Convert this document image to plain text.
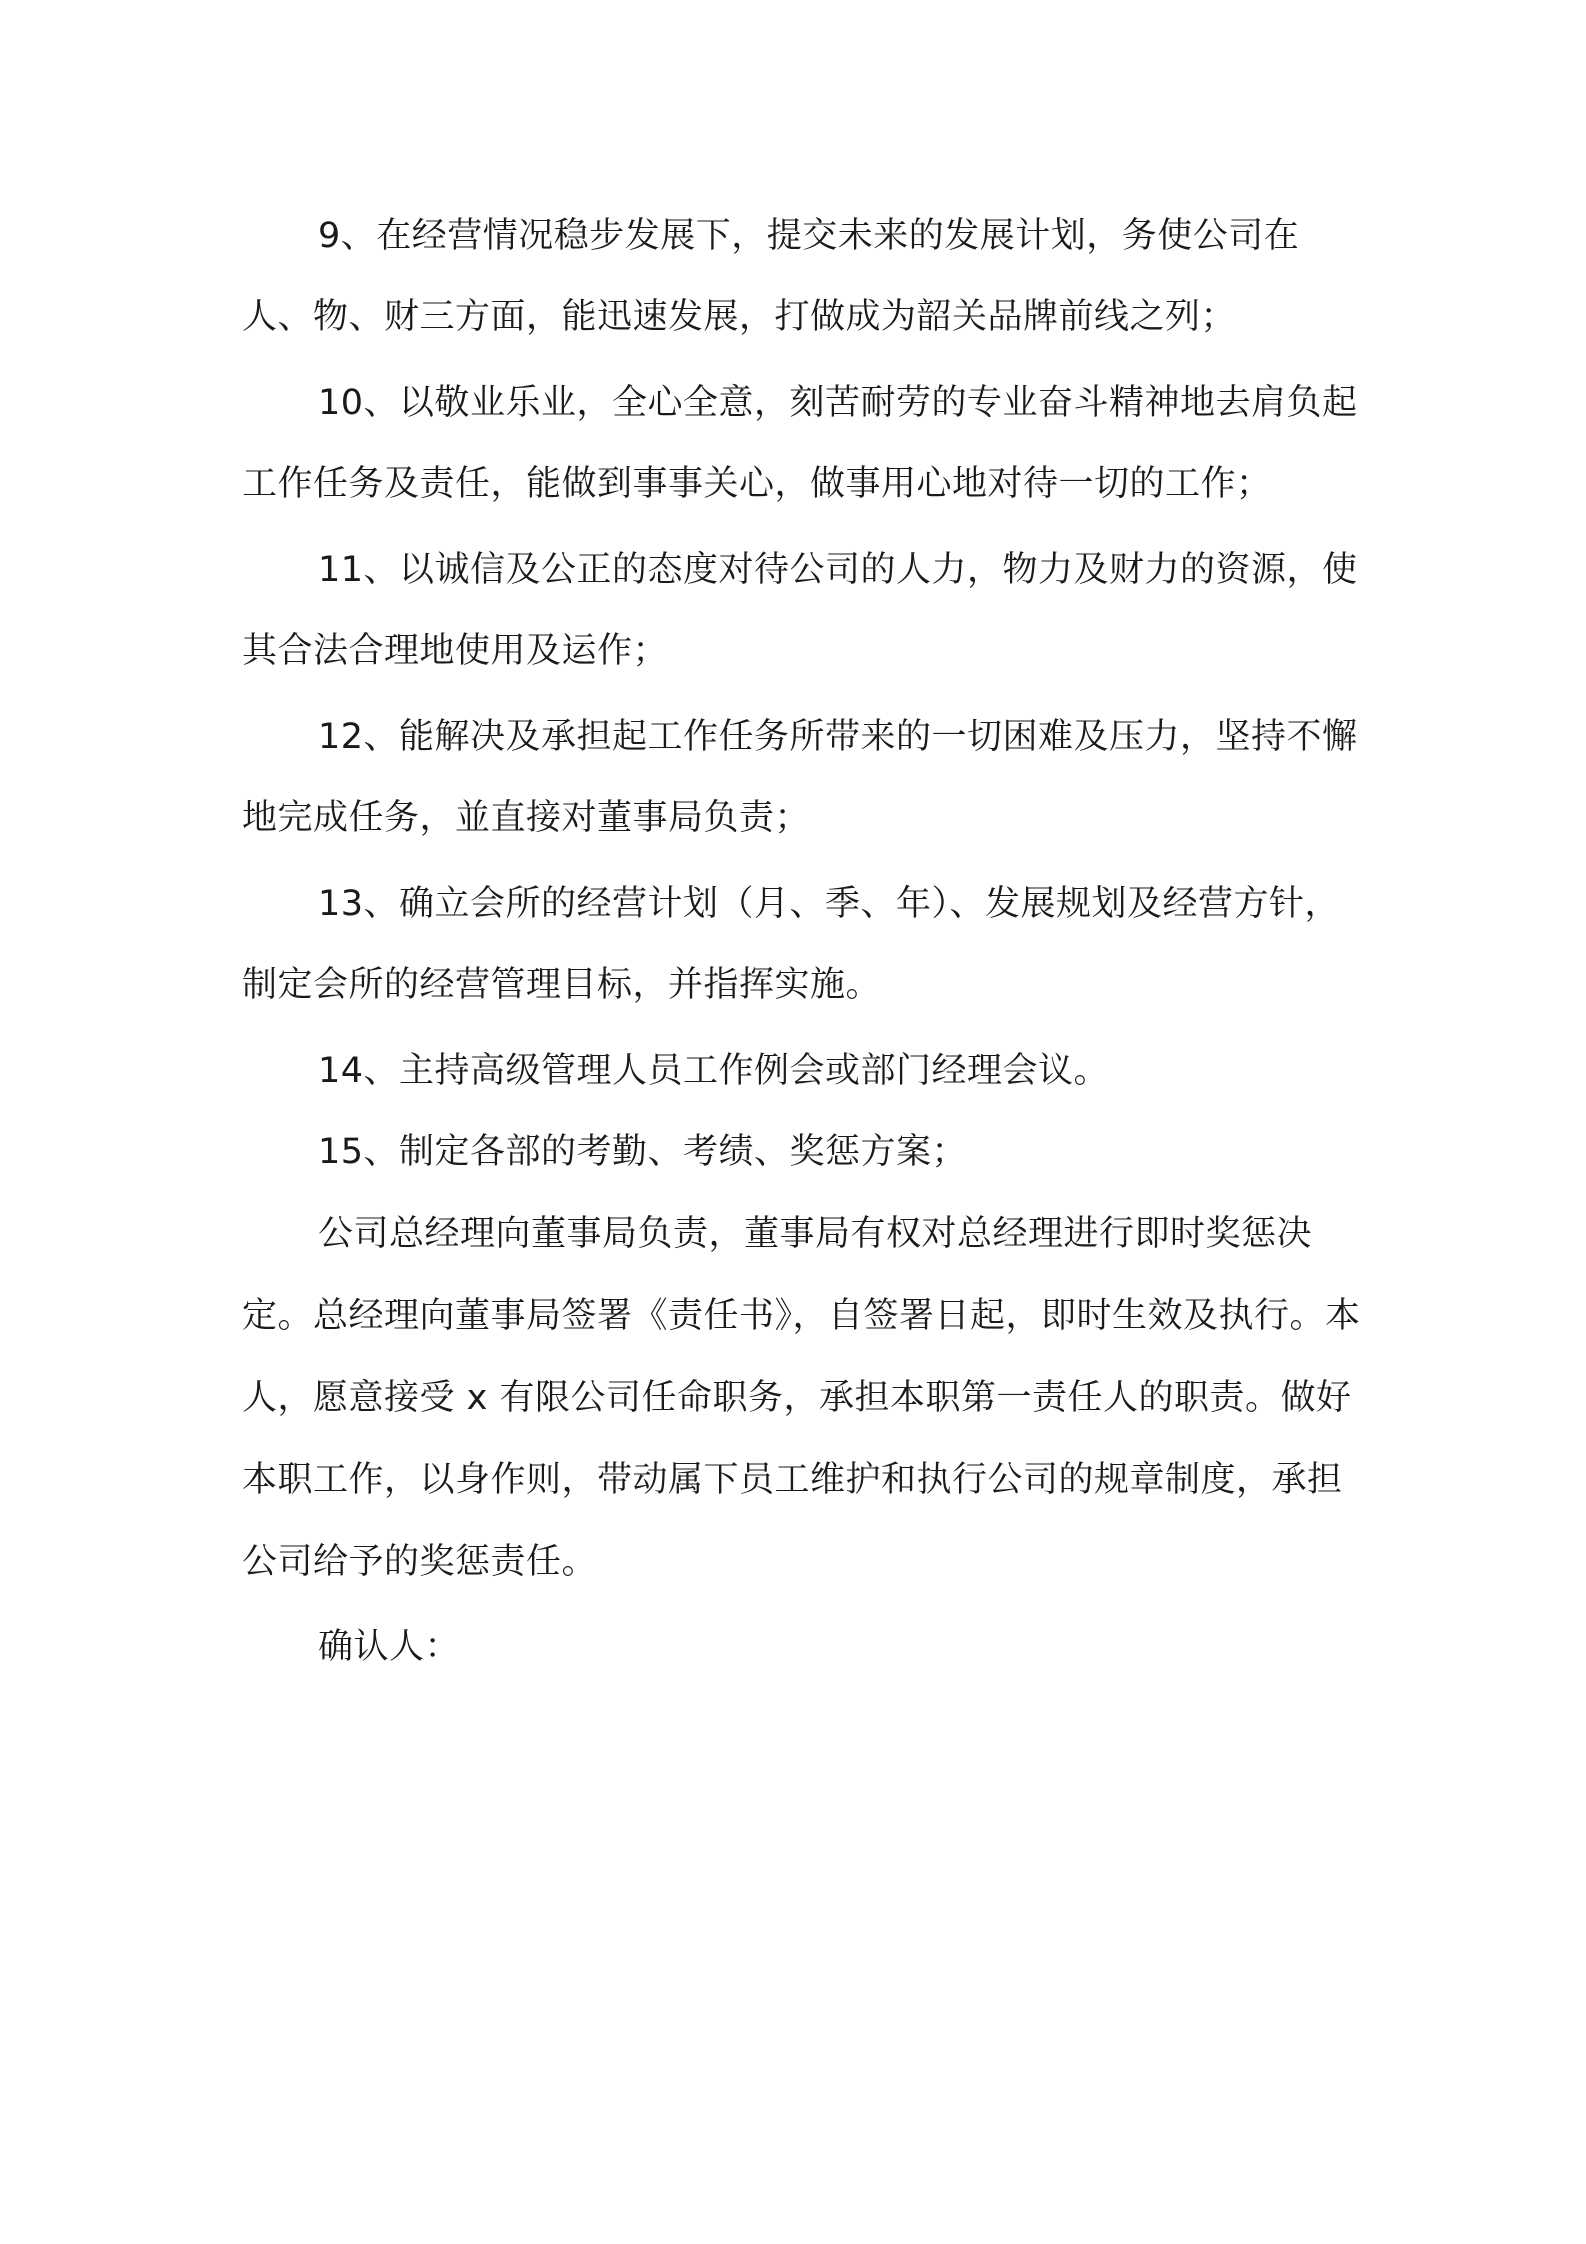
9、在经营情况稳步发展下，提交未来的发展计划，务使公司在人、物、财三方面，能迅速发展，打做成为韶关品牌前线之列；

10、以敬业乐业，全心全意，刻苦耐劳的专业奋斗精神地去肩负起工作任务及责任，能做到事事关心，做事用心地对待一切的工作；

11、以诚信及公正的态度对待公司的人力，物力及财力的资源，使其合法合理地使用及运作；

12、能解决及承担起工作任务所带来的一切困难及压力，坚持不懈地完成任务，並直接对董事局负责；

13、确立会所的经营计划（月、季、年）、发展规划及经营方针，制定会所的经营管理目标，并指挥实施。

14、主持高级管理人员工作例会或部门经理会议。

15、制定各部的考勤、考绩、奖惩方案；

公司总经理向董事局负责，董事局有权对总经理进行即时奖惩决定。总经理向董事局签署《责任书》，自签署日起，即时生效及执行。本人，愿意接受 x 有限公司任命职务，承担本职第一责任人的职责。做好本职工作，以身作则，带动属下员工维护和执行公司的规章制度，承担公司给予的奖惩责任。

确认人：
